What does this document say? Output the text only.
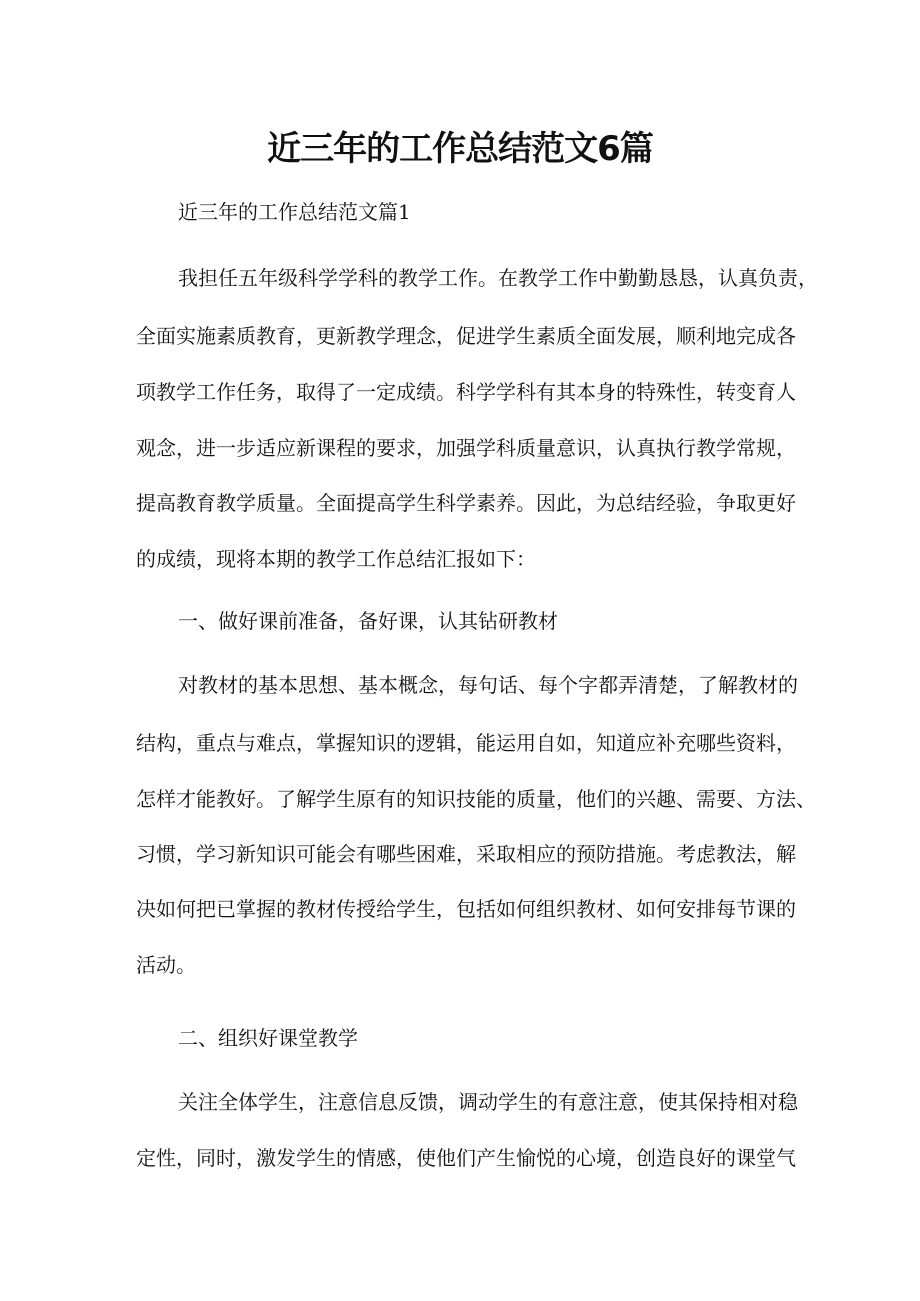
近三年的工作总结范文6篇
近三年的工作总结范文篇1
我担任五年级科学学科的教学工作。在教学工作中勤勤恳恳，认真负责，
全面实施素质教育，更新教学理念，促进学生素质全面发展，顺利地完成各
项教学工作任务，取得了一定成绩。科学学科有其本身的特殊性，转变育人
观念，进一步适应新课程的要求，加强学科质量意识，认真执行教学常规，
提高教育教学质量。全面提高学生科学素养。因此，为总结经验，争取更好
的成绩，现将本期的教学工作总结汇报如下：
一、做好课前准备，备好课，认其钻研教材
对教材的基本思想、基本概念，每句话、每个字都弄清楚，了解教材的
结构，重点与难点，掌握知识的逻辑，能运用自如，知道应补充哪些资料，
怎样才能教好。了解学生原有的知识技能的质量，他们的兴趣、需要、方法、
习惯，学习新知识可能会有哪些困难，采取相应的预防措施。考虑教法，解
决如何把已掌握的教材传授给学生，包括如何组织教材、如何安排每节课的
活动。
二、组织好课堂教学
关注全体学生，注意信息反馈，调动学生的有意注意，使其保持相对稳
定性，同时，激发学生的情感，使他们产生愉悦的心境，创造良好的课堂气
